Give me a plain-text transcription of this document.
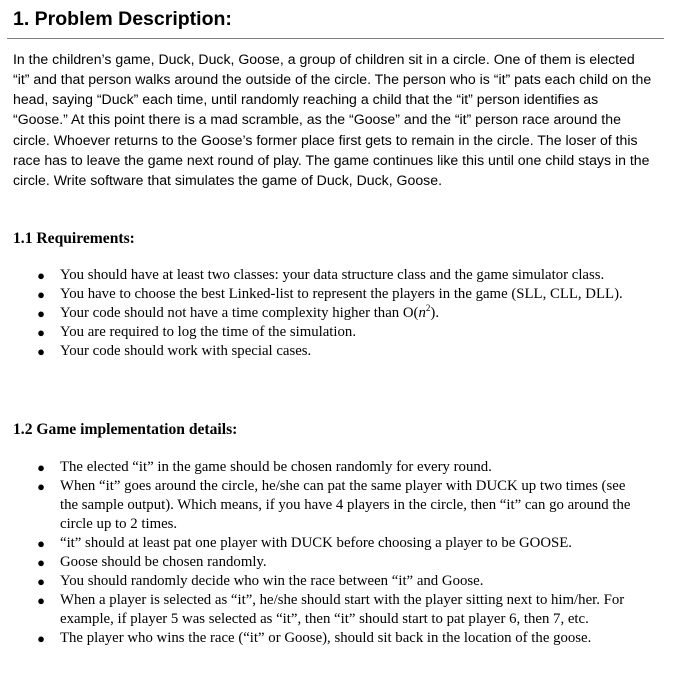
1. Problem Description:
In the children’s game, Duck, Duck, Goose, a group of children sit in a circle. One of them is elected “it” and that person walks around the outside of the circle. The person who is “it” pats each child on the head, saying “Duck” each time, until randomly reaching a child that the “it” person identifies as “Goose.” At this point there is a mad scramble, as the “Goose” and the “it” person race around the circle. Whoever returns to the Goose’s former place first gets to remain in the circle. The loser of this race has to leave the game next round of play. The game continues like this until one child stays in the circle. Write software that simulates the game of Duck, Duck, Goose.
1.1 Requirements:
● You should have at least two classes: your data structure class and the game simulator class.
● You have to choose the best Linked-list to represent the players in the game (SLL, CLL, DLL).
● Your code should not have a time complexity higher than $O(n^2)$.
● You are required to log the time of the simulation.
● Your code should work with special cases.
1.2 Game implementation details:
● The elected “it” in the game should be chosen randomly for every round.
● When “it” goes around the circle, he/she can pat the same player with DUCK up two times (see the sample output). Which means, if you have 4 players in the circle, then “it” can go around the circle up to 2 times.
● “it” should at least pat one player with DUCK before choosing a player to be GOOSE.
● Goose should be chosen randomly.
● You should randomly decide who win the race between “it” and Goose.
● When a player is selected as “it”, he/she should start with the player sitting next to him/her. For example, if player 5 was selected as “it”, then “it” should start to pat player 6, then 7, etc.
● The player who wins the race (“it” or Goose), should sit back in the location of the goose.
